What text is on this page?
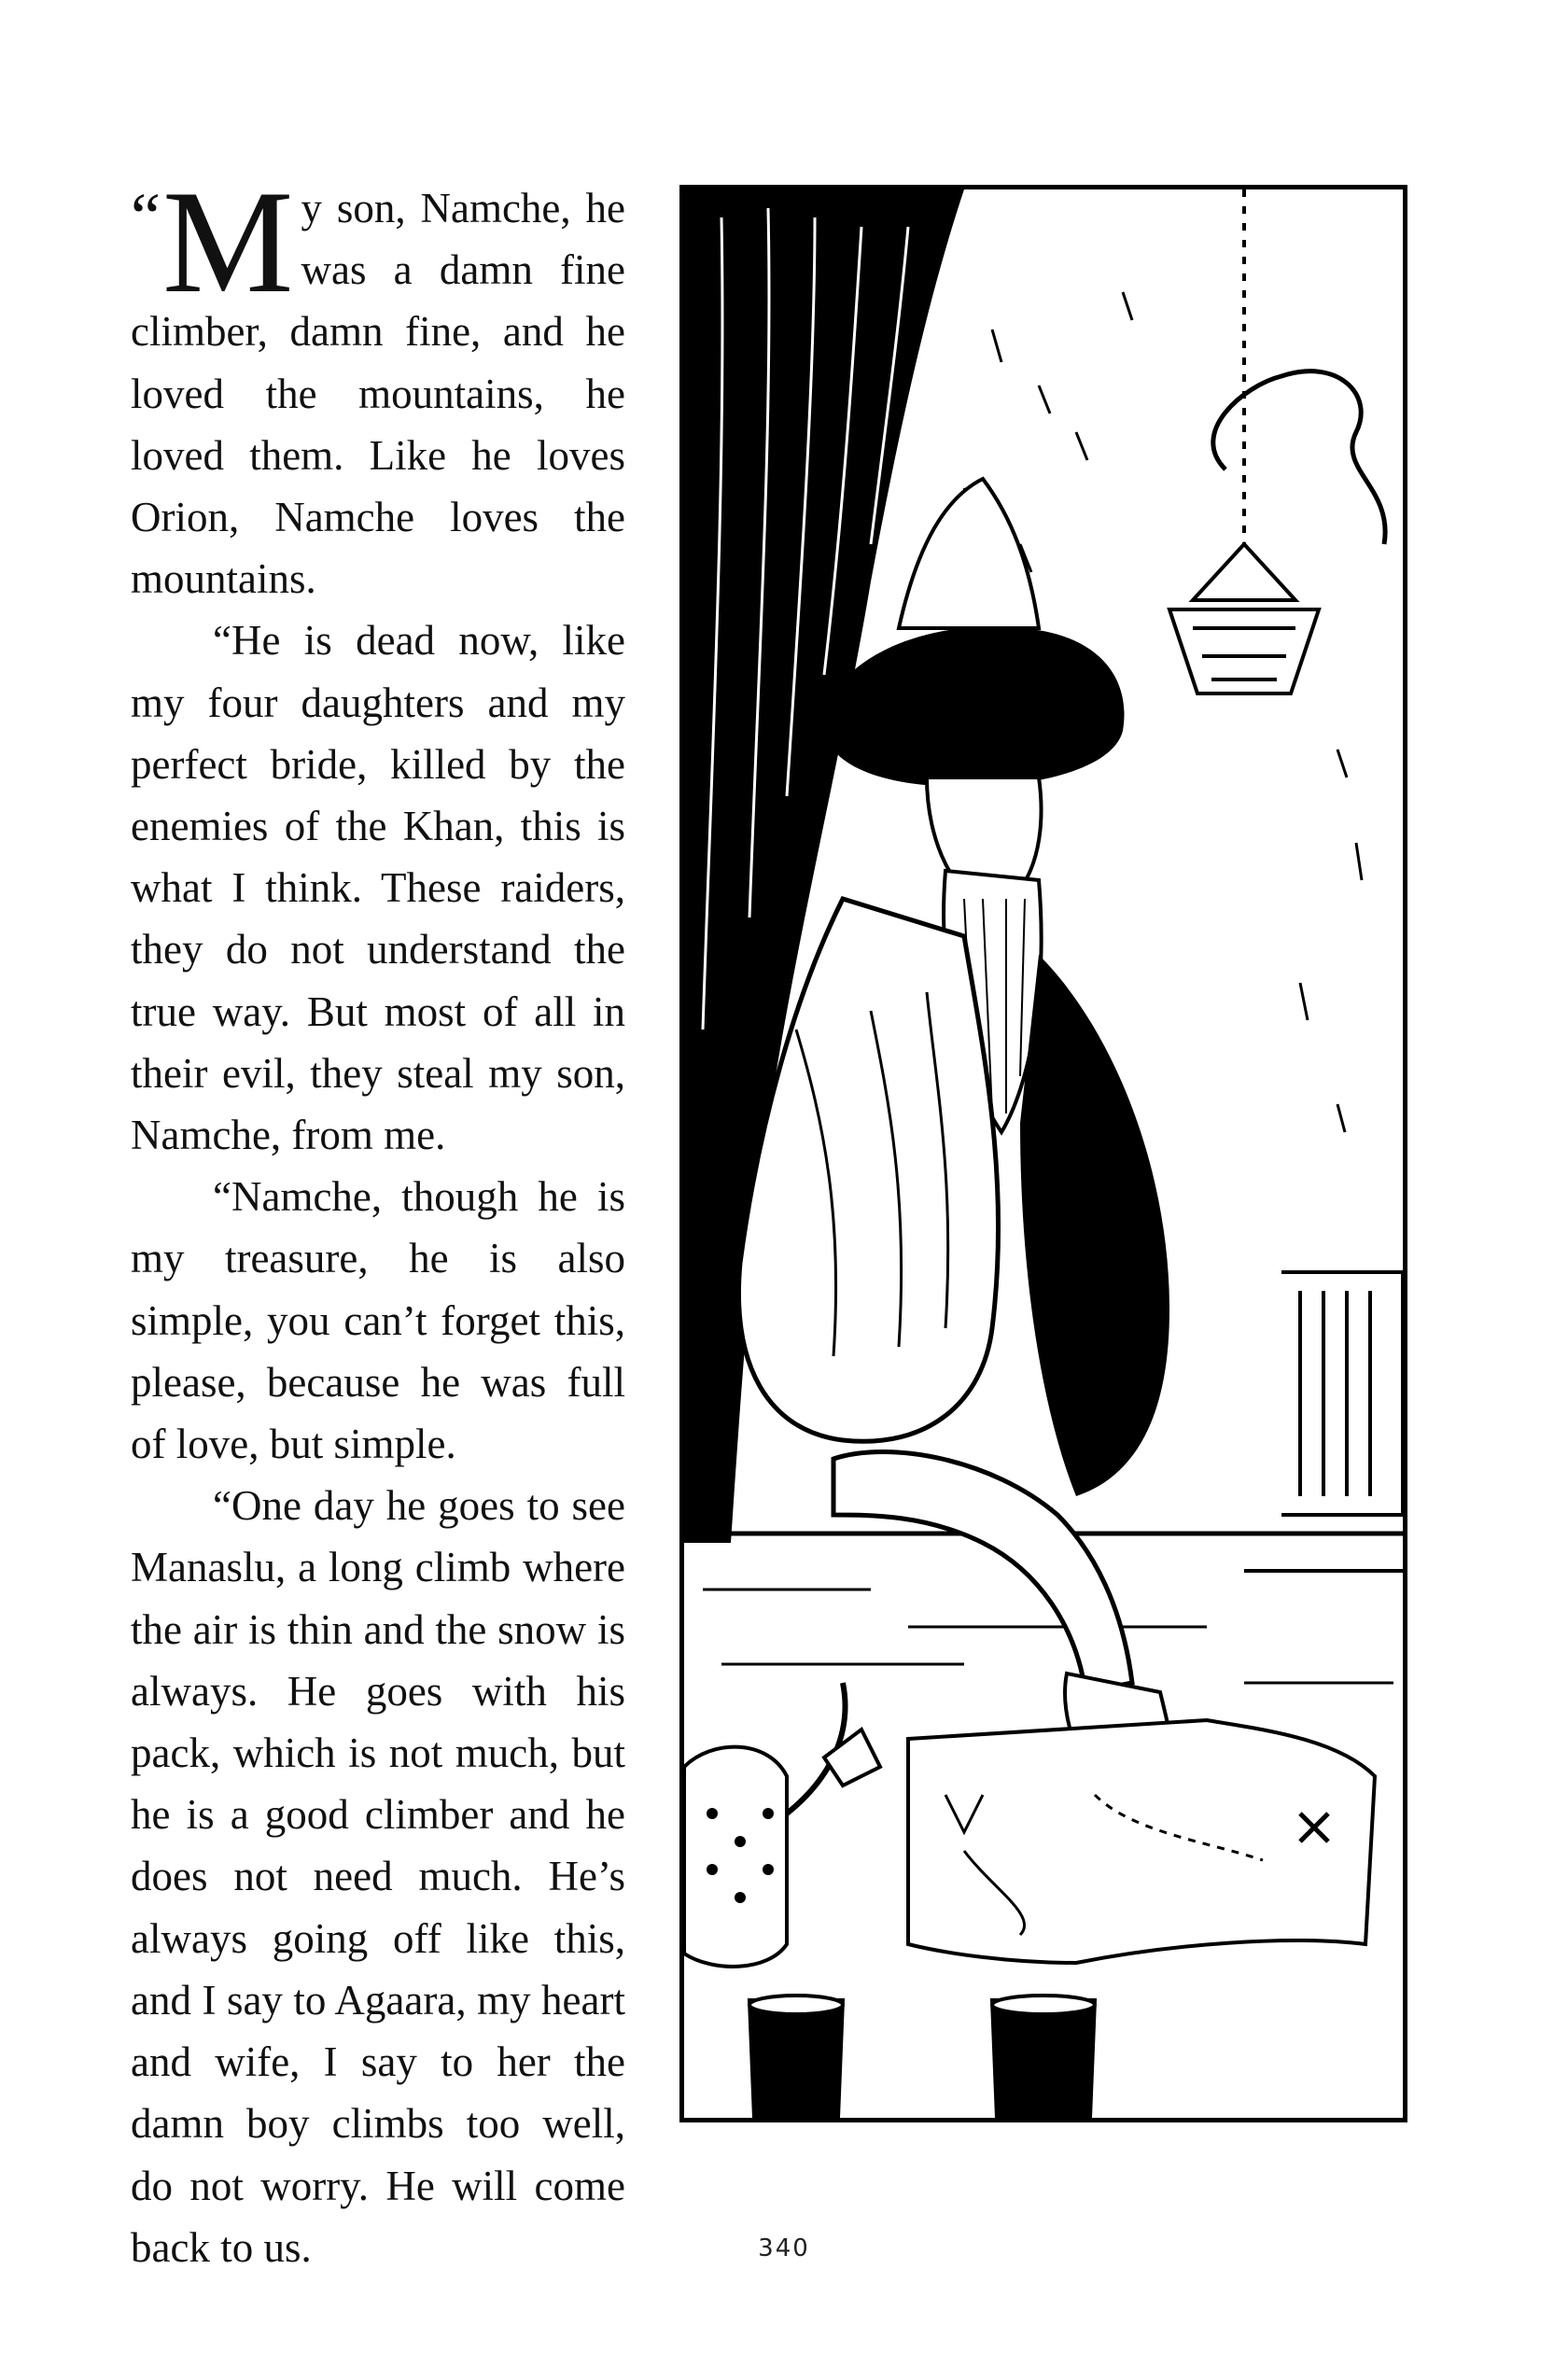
“ M y son, Namche, he was a damn fine climber, damn fine, and he loved the mountains, he loved them. Like he loves Orion, Namche loves the mountains.

“He is dead now, like my four daughters and my perfect bride, killed by the enemies of the Khan, this is what I think. These raiders, they do not understand the true way. But most of all in their evil, they steal my son, Namche, from me.

“Namche, though he is my treasure, he is also simple, you can’t forget this, please, because he was full of love, but simple.

“One day he goes to see Manaslu, a long climb where the air is thin and the snow is always. He goes with his pack, which is not much, but he is a good climber and he does not need much. He’s always going off like this, and I say to Agaara, my heart and wife, I say to her the damn boy climbs too well, do not worry. He will come back to us.	340
